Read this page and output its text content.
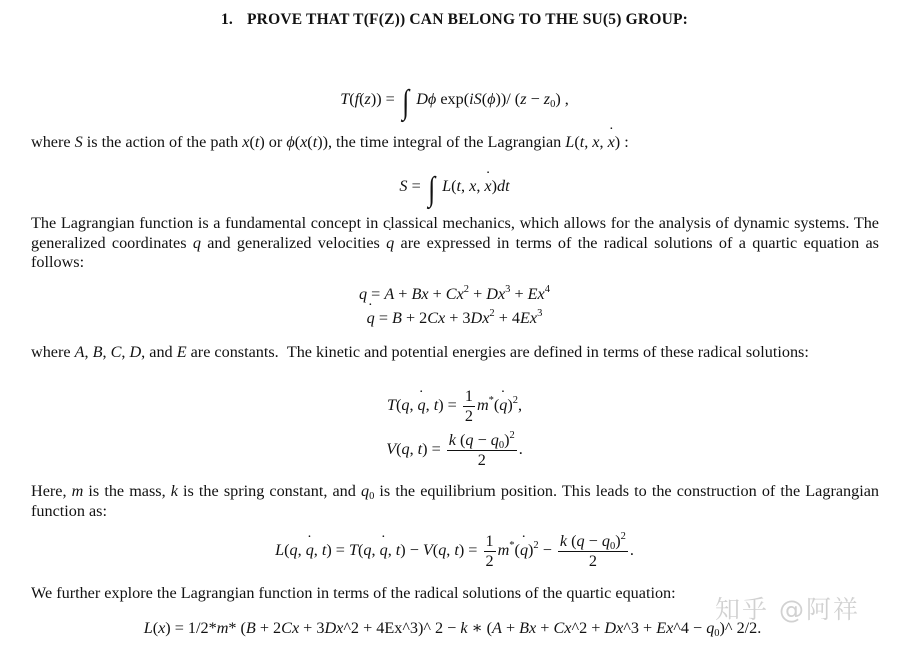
1. PROVE THAT T(F(Z)) CAN BELONG TO THE SU(5) GROUP:
T(f(z)) = ∫ Dϕ exp(iS(ϕ))/ $(z - z_0)$ ,
where S is the action of the path x(t) or ϕ(x(t)), the time integral of the Lagrangian L(t, x, ˙ x) :
S = ∫ L(t, x, ˙ x)dt
The Lagrangian function is a fundamental concept in classical mechanics, which allows for the analysis of dynamic systems. The generalized coordinates q and generalized velocities ˙ q are expressed in terms of the radical solutions of a quartic equation as follows:
$q = A + Bx + Cx^2 + Dx^3 + Ex^4$
˙ $q = B + 2Cx + 3Dx^2 + 4Ex^3$
where A, B, C, D, and E are constants.  The kinetic and potential energies are defined in terms of these radical solutions:
T(q, ˙ q, $t) = \frac{1}{2}$ m*(˙ q)$^2$,
V(q, $t) = \frac{k (q - q_0)^2}{2}$ .
Here, m is the mass, k is the spring constant, and $q_0$ is the equilibrium position. This leads to the construction of the Lagrangian function as:
L(q, ˙ q, t) = T(q, ˙ q, t) − V(q, $t) = \frac{1}{2}$ m*(˙ $q)^2 - \frac{k (q - q_0)^2}{2}$ .
We further explore the Lagrangian function in terms of the radical solutions of the quartic equation:
L(x) = 1/2*m* (B + 2Cx + 3Dx^2 + 4Ex^3)^ 2 − k ∗ (A + Bx + Cx^2 + Dx^3 + Ex^4 − $q_0)\^{}$ 2/2.
知乎 @阿祥
